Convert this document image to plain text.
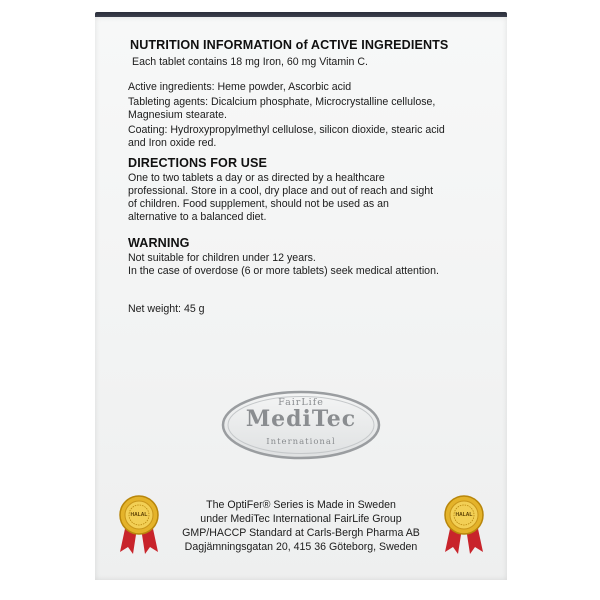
NUTRITION INFORMATION of ACTIVE INGREDIENTS
Each tablet contains 18 mg Iron, 60 mg Vitamin C.
Active ingredients: Heme powder, Ascorbic acid
Tableting agents: Dicalcium phosphate, Microcrystalline cellulose,
Magnesium stearate.
Coating: Hydroxypropylmethyl cellulose, silicon dioxide, stearic acid
and Iron oxide red.
DIRECTIONS FOR USE
One to two tablets a day or as directed by a healthcare
professional. Store in a cool, dry place and out of reach and sight
of children. Food supplement, should not be used as an
alternative to a balanced diet.
WARNING
Not suitable for children under 12 years.
In the case of overdose (6 or more tablets) seek medical attention.
Net weight: 45 g
FairLife
MediTec
International
The OptiFer® Series is Made in Sweden
under MediTec International FairLife Group
GMP/HACCP Standard at Carls-Bergh Pharma AB
Dagjämningsgatan 20, 415 36 Göteborg, Sweden
HALAL	HALAL
